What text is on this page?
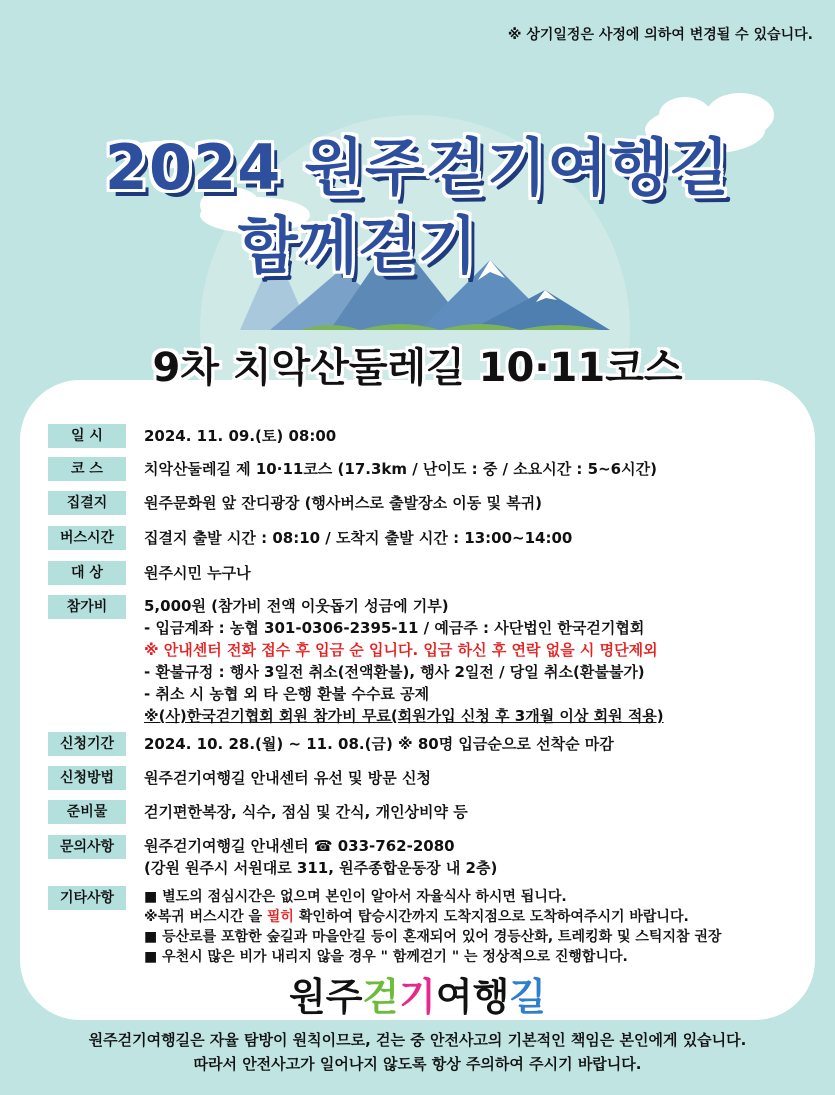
※ 상기일정은 사정에 의하여 변경될 수 있습니다.
2024 원주걷기여행길
함께걷기
9차 치악산둘레길 10·11코스
일 시	2024. 11. 09.(토) 08:00
코 스	치악산둘레길 제 10·11코스 (17.3km / 난이도 : 중 / 소요시간 : 5~6시간)
집결지	원주문화원 앞 잔디광장 (행사버스로 출발장소 이동 및 복귀)
버스시간	집결지 출발 시간 : 08:10 / 도착지 출발 시간 : 13:00~14:00
대 상	원주시민 누구나
참가비	5,000원 (참가비 전액 이웃돕기 성금에 기부)
- 입금계좌 : 농협 301-0306-2395-11 / 예금주 : 사단법인 한국걷기협회
※ 안내센터 전화 접수 후 입금 순 입니다. 입금 하신 후 연락 없을 시 명단제외
- 환불규정 : 행사 3일전 취소(전액환불), 행사 2일전 / 당일 취소(환불불가)
- 취소 시 농협 외 타 은행 환불 수수료 공제
※(사)한국걷기협회 회원 참가비 무료(회원가입 신청 후 3개월 이상 회원 적용)
신청기간	2024. 10. 28.(월) ~ 11. 08.(금) ※ 80명 입금순으로 선착순 마감
신청방법	원주걷기여행길 안내센터 유선 및 방문 신청
준비물	걷기편한복장, 식수, 점심 및 간식, 개인상비약 등
문의사항	원주걷기여행길 안내센터 ☎ 033-762-2080
(강원 원주시 서원대로 311, 원주종합운동장 내 2층)
기타사항	■ 별도의 점심시간은 없으며 본인이 알아서 자율식사 하시면 됩니다.
※복귀 버스시간 을 필히 확인하여 탑승시간까지 도착지점으로 도착하여주시기 바랍니다.
■ 등산로를 포함한 숲길과 마을안길 등이 혼재되어 있어 경등산화, 트레킹화 및 스틱지참 권장
■ 우천시 많은 비가 내리지 않을 경우 " 함께걷기 " 는 정상적으로 진행합니다.
원주걷기여행길
원주걷기여행길은 자율 탐방이 원칙이므로, 걷는 중 안전사고의 기본적인 책임은 본인에게 있습니다.
따라서 안전사고가 일어나지 않도록 항상 주의하여 주시기 바랍니다.
